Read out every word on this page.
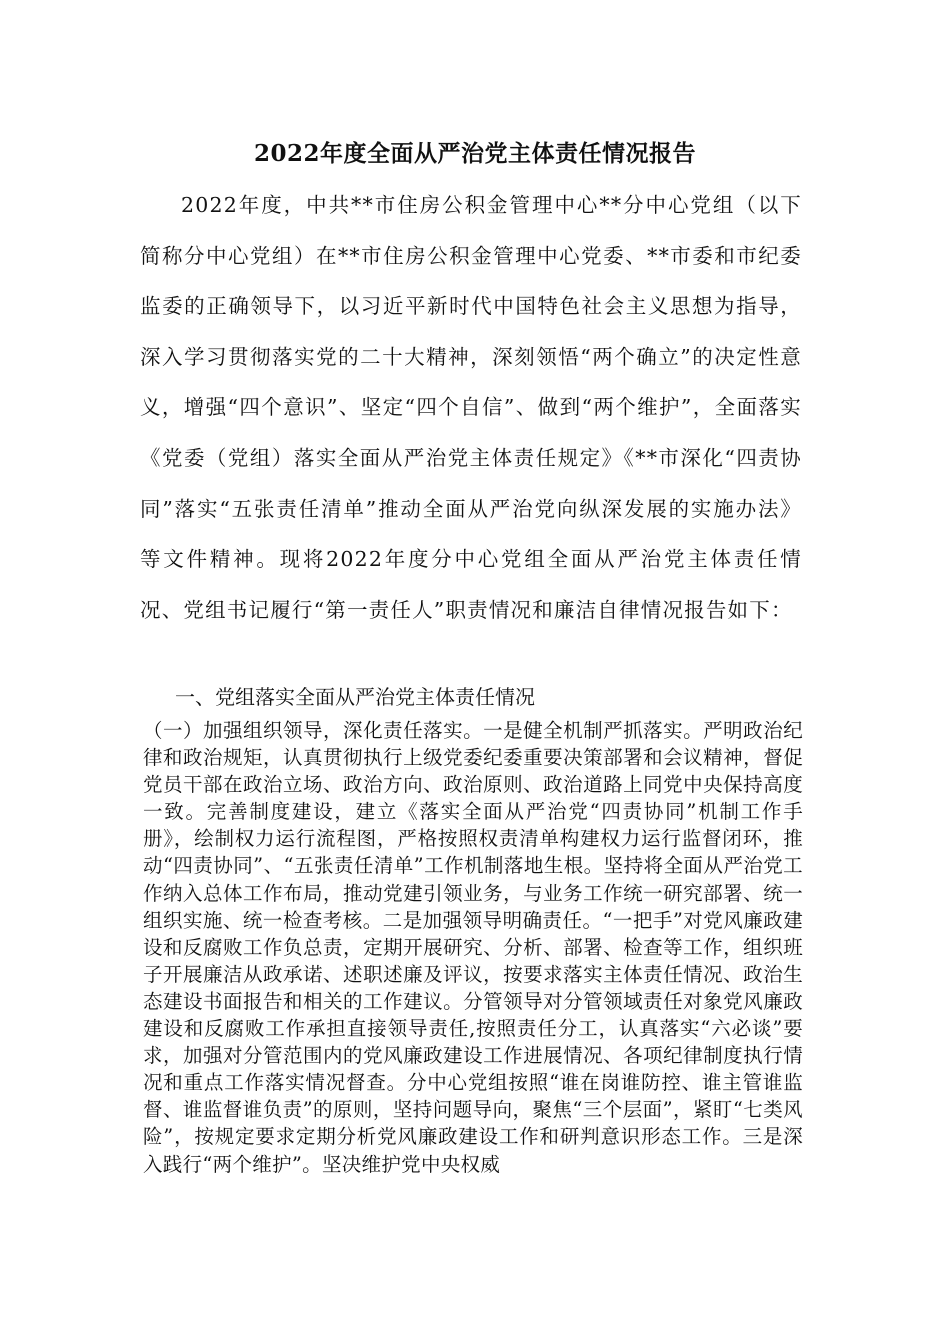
2022年度全面从严治党主体责任情况报告

2022年度，中共**市住房公积金管理中心**分中心党组（以下简称分中心党组）在**市住房公积金管理中心党委、**市委和市纪委监委的正确领导下，以习近平新时代中国特色社会主义思想为指导，深入学习贯彻落实党的二十大精神，深刻领悟“两个确立”的决定性意义，增强“四个意识”、坚定“四个自信”、做到“两个维护”，全面落实《党委（党组）落实全面从严治党主体责任规定》《**市深化“四责协同”落实“五张责任清单”推动全面从严治党向纵深发展的实施办法》等文件精神。现将2022年度分中心党组全面从严治党主体责任情况、党组书记履行“第一责任人”职责情况和廉洁自律情况报告如下：

一、党组落实全面从严治党主体责任情况

（一）加强组织领导，深化责任落实。一是健全机制严抓落实。严明政治纪律和政治规矩，认真贯彻执行上级党委纪委重要决策部署和会议精神，督促党员干部在政治立场、政治方向、政治原则、政治道路上同党中央保持高度一致。完善制度建设，建立《落实全面从严治党“四责协同”机制工作手册》，绘制权力运行流程图，严格按照权责清单构建权力运行监督闭环，推动“四责协同”、“五张责任清单”工作机制落地生根。坚持将全面从严治党工作纳入总体工作布局，推动党建引领业务，与业务工作统一研究部署、统一组织实施、统一检查考核。二是加强领导明确责任。“一把手”对党风廉政建设和反腐败工作负总责，定期开展研究、分析、部署、检查等工作，组织班子开展廉洁从政承诺、述职述廉及评议，按要求落实主体责任情况、政治生态建设书面报告和相关的工作建议。分管领导对分管领域责任对象党风廉政建设和反腐败工作承担直接领导责任,按照责任分工，认真落实“六必谈”要求，加强对分管范围内的党风廉政建设工作进展情况、各项纪律制度执行情况和重点工作落实情况督查。分中心党组按照“谁在岗谁防控、谁主管谁监督、谁监督谁负责”的原则，坚持问题导向，聚焦“三个层面”，紧盯“七类风险”，按规定要求定期分析党风廉政建设工作和研判意识形态工作。三是深入践行“两个维护”。坚决维护党中央权威
